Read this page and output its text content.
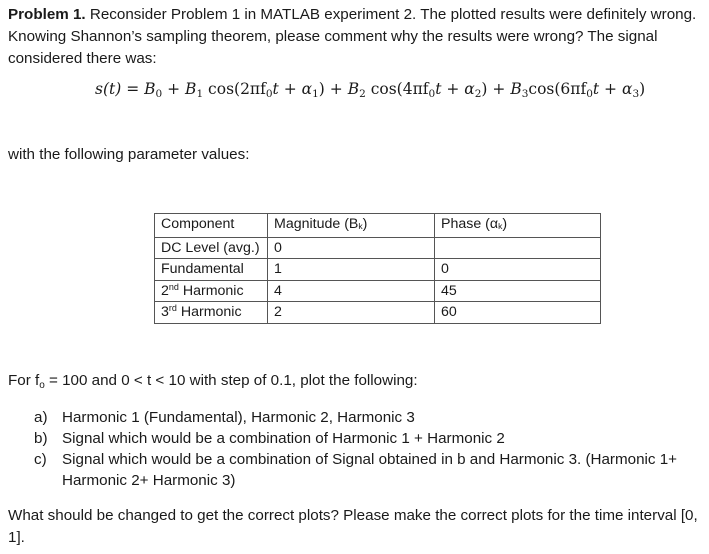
Problem 1. Reconsider Problem 1 in MATLAB experiment 2. The plotted results were definitely wrong. Knowing Shannon’s sampling theorem, please comment why the results were wrong? The signal considered there was:
$s(t) = B_0 + B_1$ $\cos(2\pi f_0t + \alpha_1) + B_2$ $\cos(4\pi f_0t + \alpha_2) + B_3\cos(6\pi f_0t + \alpha_3)$
with the following parameter values:
Component	Magnitude (Bk)	Phase (αk)
DC Level (avg.)	0	
Fundamental	1	0
2nd Harmonic	4	45
3rd Harmonic	2	60
For $f_o = 100$ and 0 < t < 10 with step of 0.1, plot the following:
a) Harmonic 1 (Fundamental), Harmonic 2, Harmonic 3
b) Signal which would be a combination of Harmonic 1 + Harmonic 2
c) Signal which would be a combination of Signal obtained in b and Harmonic 3. (Harmonic 1+ Harmonic 2+ Harmonic 3)
What should be changed to get the correct plots? Please make the correct plots for the time interval [0, 1].
